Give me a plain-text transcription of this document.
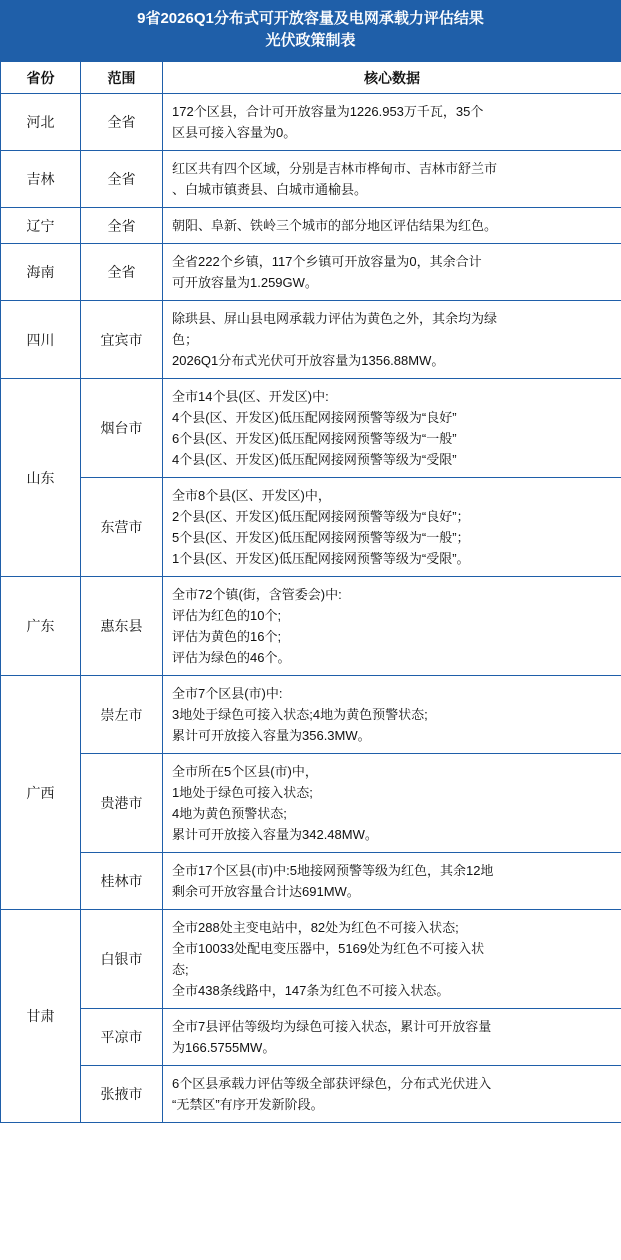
9省2026Q1分布式可开放容量及电网承载力评估结果
光伏政策制表
省份	范围	核心数据
河北	全省	172个区县，合计可开放容量为1226.953万千瓦，35个
区县可接入容量为0。

吉林	全省	红区共有四个区域，分别是吉林市桦甸市、吉林市舒兰市
、白城市镇赉县、白城市通榆县。

辽宁	全省	朝阳、阜新、铁岭三个城市的部分地区评估结果为红色。

海南	全省	全省222个乡镇，117个乡镇可开放容量为0，其余合计
可开放容量为1.259GW。

四川	宜宾市	除珙县、屏山县电网承载力评估为黄色之外，其余均为绿
色；
2026Q1分布式光伏可开放容量为1356.88MW。

山东	烟台市	全市14个县(区、开发区)中:
4个县(区、开发区)低压配网接网预警等级为“良好”
6个县(区、开发区)低压配网接网预警等级为“一般”
4个县(区、开发区)低压配网接网预警等级为“受限”

	东营市	全市8个县(区、开发区)中，
2个县(区、开发区)低压配网接网预警等级为“良好”；
5个县(区、开发区)低压配网接网预警等级为“一般”；
1个县(区、开发区)低压配网接网预警等级为“受限”。

广东	惠东县	全市72个镇(街，含管委会)中:
评估为红色的10个;
评估为黄色的16个;
评估为绿色的46个。

广西	崇左市	全市7个区县(市)中:
3地处于绿色可接入状态;4地为黄色预警状态;
累计可开放接入容量为356.3MW。

	贵港市	全市所在5个区县(市)中，
1地处于绿色可接入状态;
4地为黄色预警状态;
累计可开放接入容量为342.48MW。

	桂林市	全市17个区县(市)中:5地接网预警等级为红色，其余12地
剩余可开放容量合计达691MW。

甘肃	白银市	全市288处主变电站中，82处为红色不可接入状态;
全市10033处配电变压器中，5169处为红色不可接入状
态;
全市438条线路中，147条为红色不可接入状态。

	平凉市	全市7县评估等级均为绿色可接入状态，累计可开放容量
为166.5755MW。

	张掖市	6个区县承载力评估等级全部获评绿色，分布式光伏进入
“无禁区”有序开发新阶段。
